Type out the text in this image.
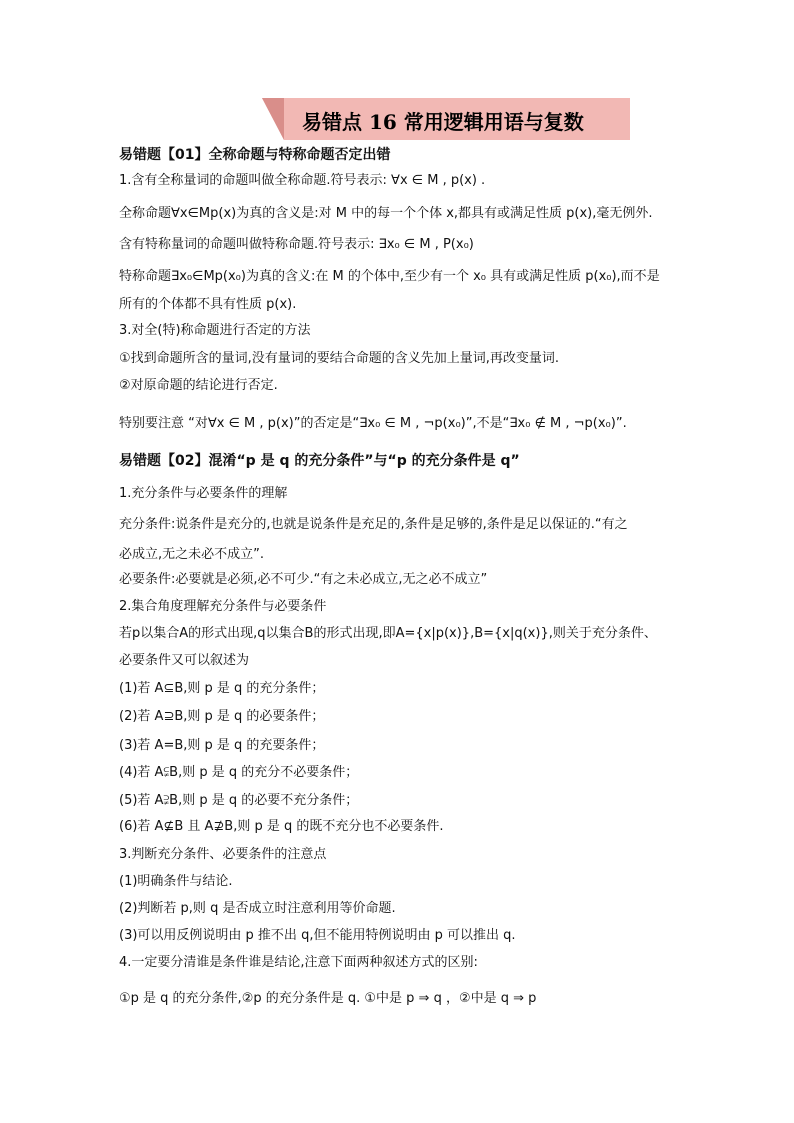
易错点 16 常用逻辑用语与复数
易错题【01】全称命题与特称命题否定出错
1.含有全称量词的命题叫做全称命题.符号表示: ∀x ∈ M , p(x) .
全称命题∀x∈Mp(x)为真的含义是:对 M 中的每一个个体 x,都具有或满足性质 p(x),毫无例外.
含有特称量词的命题叫做特称命题.符号表示: ∃x₀ ∈ M , P(x₀)
特称命题∃x₀∈Mp(x₀)为真的含义:在 M 的个体中,至少有一个 x₀ 具有或满足性质 p(x₀),而不是
所有的个体都不具有性质 p(x).
3.对全(特)称命题进行否定的方法
①找到命题所含的量词,没有量词的要结合命题的含义先加上量词,再改变量词.
②对原命题的结论进行否定.
特别要注意 “对∀x ∈ M , p(x)”的否定是“∃x₀ ∈ M , ¬p(x₀)”,不是“∃x₀ ∉ M , ¬p(x₀)”.
易错题【02】混淆“p 是 q 的充分条件”与“p 的充分条件是 q”
1.充分条件与必要条件的理解
充分条件:说条件是充分的,也就是说条件是充足的,条件是足够的,条件是足以保证的.“有之
必成立,无之未必不成立”.
必要条件:必要就是必须,必不可少.“有之未必成立,无之必不成立”
2.集合角度理解充分条件与必要条件
若p以集合A的形式出现,q以集合B的形式出现,即A={x|p(x)},B={x|q(x)},则关于充分条件、
必要条件又可以叙述为
(1)若 A⊆B,则 p 是 q 的充分条件；
(2)若 A⊇B,则 p 是 q 的必要条件；
(3)若 A=B,则 p 是 q 的充要条件；
(4)若 A⫋B,则 p 是 q 的充分不必要条件；
(5)若 A⫌B,则 p 是 q 的必要不充分条件；
(6)若 A⊈B 且 A⊉B,则 p 是 q 的既不充分也不必要条件.
3.判断充分条件、必要条件的注意点
(1)明确条件与结论.
(2)判断若 p,则 q 是否成立时注意利用等价命题.
(3)可以用反例说明由 p 推不出 q,但不能用特例说明由 p 可以推出 q.
4.一定要分清谁是条件谁是结论,注意下面两种叙述方式的区别:
①p 是 q 的充分条件,②p 的充分条件是 q. ①中是 p ⇒ q ，②中是 q ⇒ p
